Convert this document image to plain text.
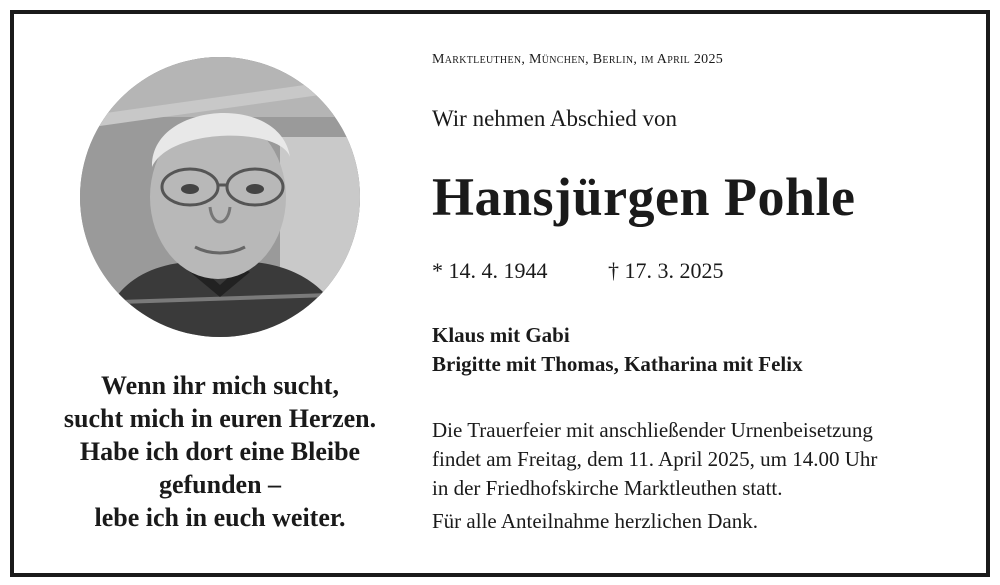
Wenn ihr mich sucht,
sucht mich in euren Herzen.
Habe ich dort eine Bleibe
gefunden –
lebe ich in euch weiter.
Marktleuthen, München, Berlin, im April 2025
Wir nehmen Abschied von
Hansjürgen Pohle
* 14. 4. 1944	† 17. 3. 2025
Klaus mit Gabi
Brigitte mit Thomas, Katharina mit Felix
Die Trauerfeier mit anschließender Urnenbeisetzung
findet am Freitag, dem 11. April 2025, um 14.00 Uhr
in der Friedhofskirche Marktleuthen statt.
Für alle Anteilnahme herzlichen Dank.
